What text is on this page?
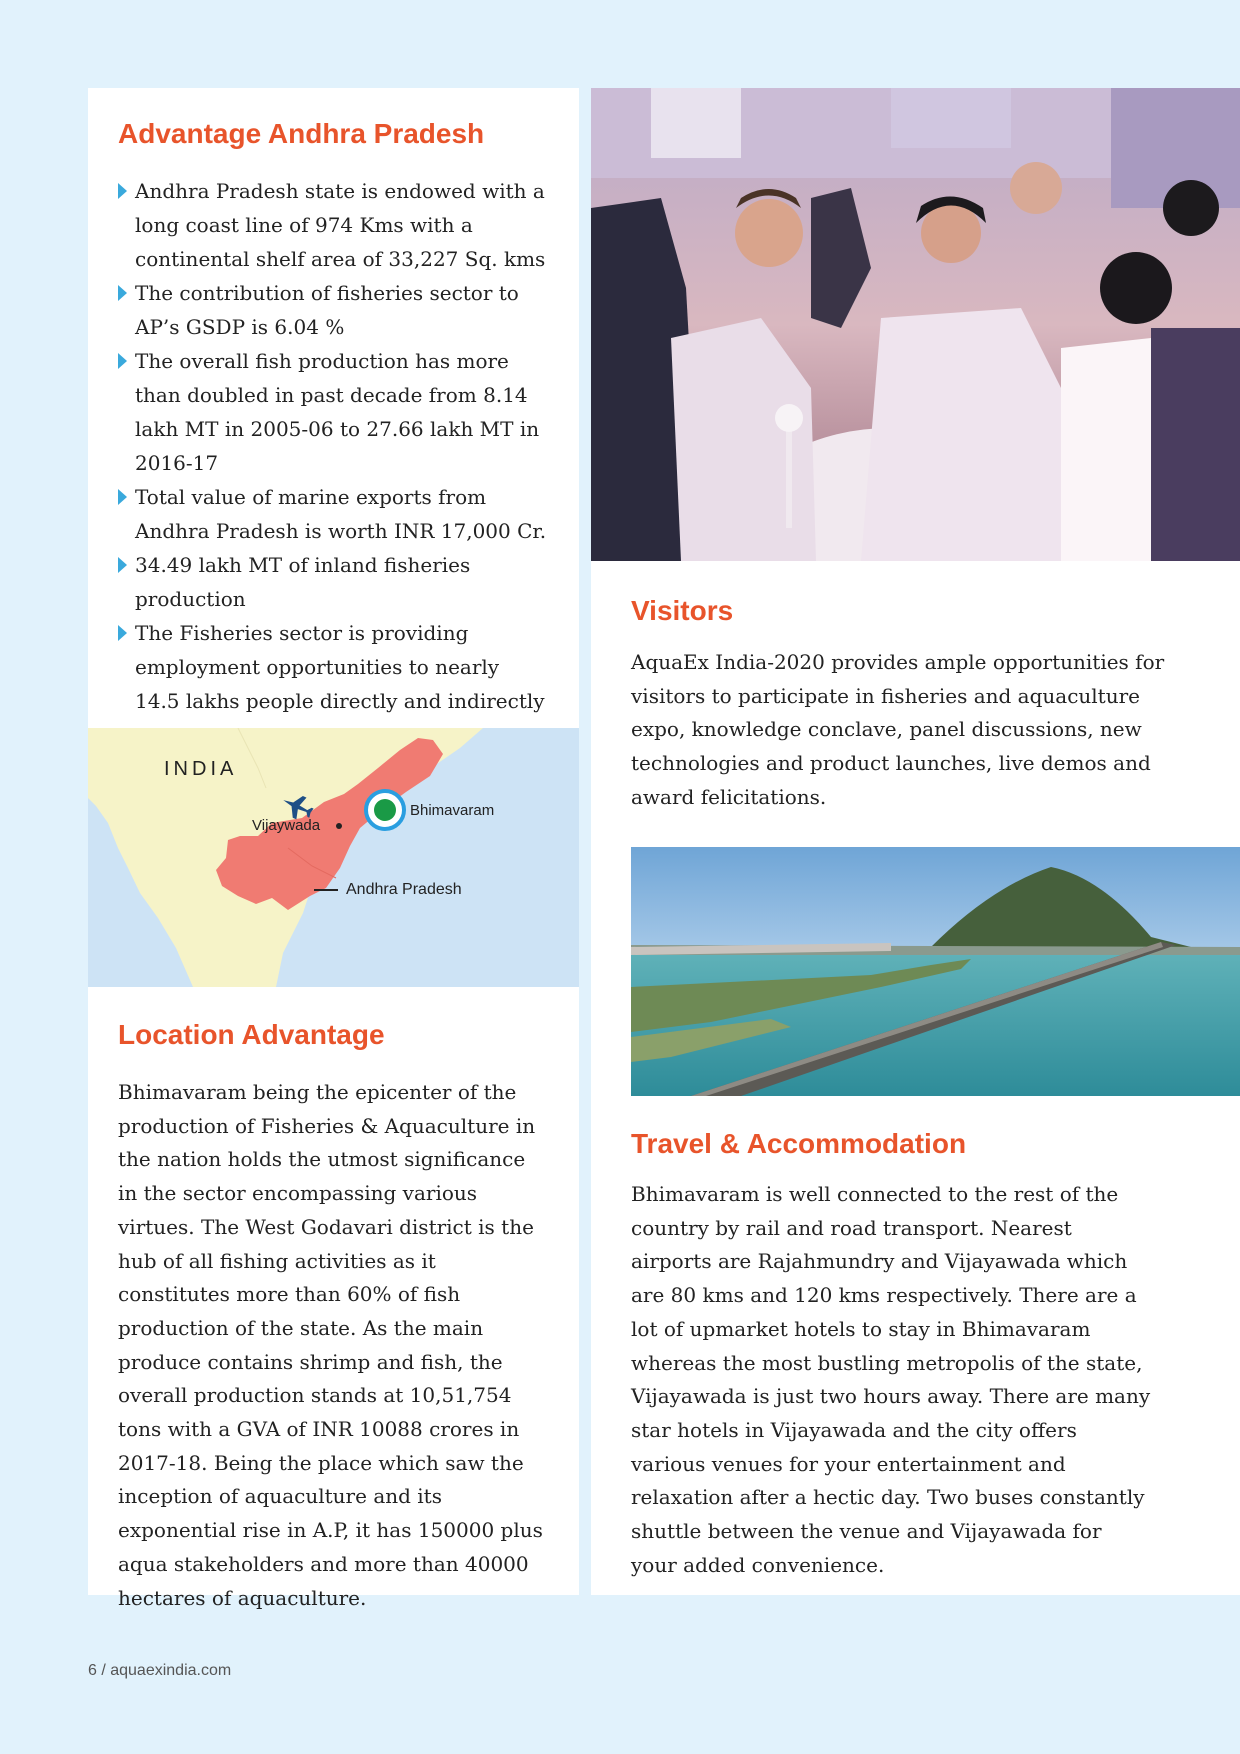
Advantage Andhra Pradesh
Andhra Pradesh state is endowed with a long coast line of 974 Kms with a continental shelf area of 33,227 Sq. kms
The contribution of fisheries sector to AP’s GSDP is 6.04 %
The overall fish production has more than doubled in past decade from 8.14 lakh MT in 2005-06 to 27.66 lakh MT in 2016-17
Total value of marine exports from Andhra Pradesh is worth INR 17,000 Cr.
34.49 lakh MT of inland fisheries production
The Fisheries sector is providing employment opportunities to nearly 14.5 lakhs people directly and indirectly
INDIA
Vijaywada
Bhimavaram
Andhra Pradesh
Location Advantage

Bhimavaram being the epicenter of the production of Fisheries & Aquaculture in the nation holds the utmost significance in the sector encompassing various virtues. The West Godavari district is the hub of all fishing activities as it constitutes more than 60% of fish production of the state. As the main produce contains shrimp and fish, the overall production stands at 10,51,754 tons with a GVA of INR 10088 crores in 2017-18. Being the place which saw the inception of aquaculture and its exponential rise in A.P, it has 150000 plus aqua stakeholders and more than 40000 hectares of aquaculture.

Visitors

AquaEx India-2020 provides ample opportunities for visitors to participate in fisheries and aquaculture expo, knowledge conclave, panel discussions, new technologies and product launches, live demos and award felicitations.

Travel & Accommodation

Bhimavaram is well connected to the rest of the country by rail and road transport. Nearest airports are Rajahmundry and Vijayawada which are 80 kms and 120 kms respectively. There are a lot of upmarket hotels to stay in Bhimavaram whereas the most bustling metropolis of the state, Vijayawada is just two hours away. There are many star hotels in Vijayawada and the city offers various venues for your entertainment and relaxation after a hectic day. Two buses constantly shuttle between the venue and Vijayawada for your added convenience.

6 / aquaexindia.com
